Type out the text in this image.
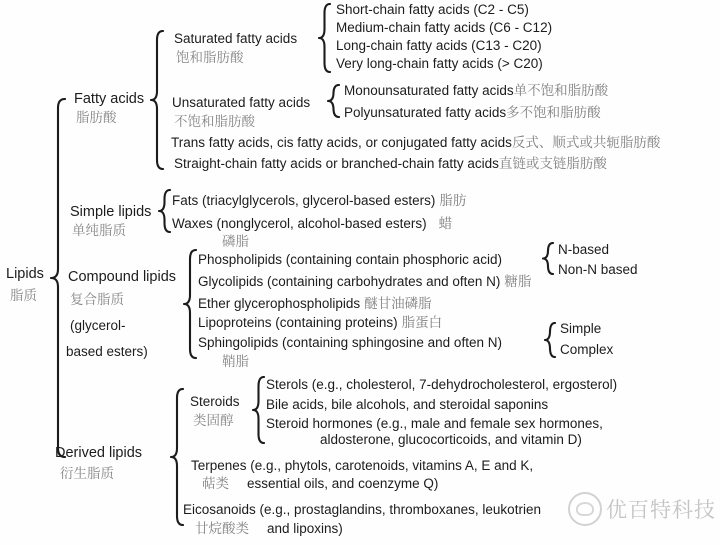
Lipids
脂质
Fatty acids
脂肪酸
Saturated fatty acids
饱和脂肪酸
Short-chain fatty acids (C2 - C5)
Medium-chain fatty acids (C6 - C12)
Long-chain fatty acids (C13 - C20)
Very long-chain fatty acids (> C20)
Unsaturated fatty acids
不饱和脂肪酸
Monounsaturated fatty acids单不饱和脂肪酸
Polyunsaturated fatty acids多不饱和脂肪酸
Trans fatty acids, cis fatty acids, or conjugated fatty acids反式、顺式或共轭脂肪酸
Straight-chain fatty acids or branched-chain fatty acids直链或支链脂肪酸
Simple lipids
单纯脂质
Fats (triacylglycerols, glycerol-based esters) 脂肪
Waxes (nonglycerol, alcohol-based esters) 蜡
Compound lipids
复合脂质
(glycerol-
based esters)
磷脂
Phospholipids (containing contain phosphoric acid)
N-based
Non-N based
Glycolipids (containing carbohydrates and often N) 糖脂
Ether glycerophospholipids 醚甘油磷脂
Lipoproteins (containing proteins) 脂蛋白
Sphingolipids (containing sphingosine and often N)
Simple
Complex
鞘脂
Derived lipids
衍生脂质
Steroids
类固醇
Sterols (e.g., cholesterol, 7-dehydrocholesterol, ergosterol)
Bile acids, bile alcohols, and steroidal saponins
Steroid hormones (e.g., male and female sex hormones,
aldosterone, glucocorticoids, and vitamin D)
Terpenes (e.g., phytols, carotenoids, vitamins A, E and K,
萜类 essential oils, and coenzyme Q)
Eicosanoids (e.g., prostaglandins, thromboxanes, leukotrien
廿烷酸类 and lipoxins)
优百特科技
